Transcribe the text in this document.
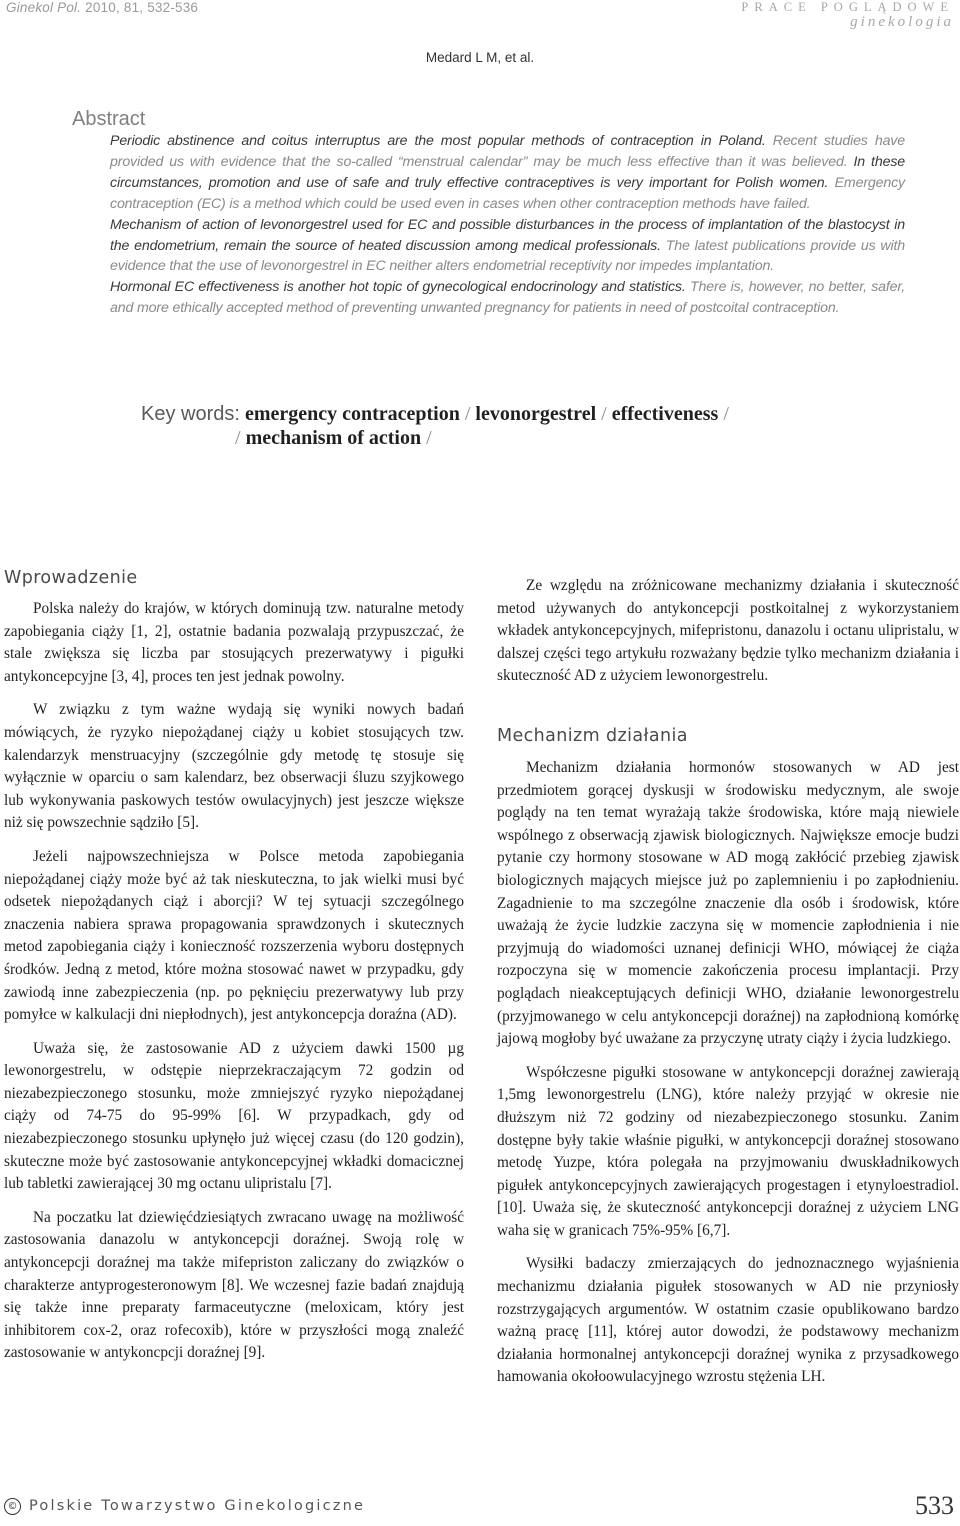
Ginekol Pol. 2010, 81, 532-536	PRACE POGLĄDOWE
ginekologia
Medard L M, et al.
Abstract

Periodic abstinence and coitus interruptus are the most popular methods of contraception in Poland. Recent studies have provided us with evidence that the so-called “menstrual calendar” may be much less effective than it was believed. In these circumstances, promotion and use of safe and truly effective contraceptives is very important for Polish women. Emergency contraception (EC) is a method which could be used even in cases when other contraception methods have failed.

Mechanism of action of levonorgestrel used for EC and possible disturbances in the process of implantation of the blastocyst in the endometrium, remain the source of heated discussion among medical professionals. The latest publications provide us with evidence that the use of levonorgestrel in EC neither alters endometrial receptivity nor impedes implantation.

Hormonal EC effectiveness is another hot topic of gynecological endocrinology and statistics. There is, however, no better, safer, and more ethically accepted method of preventing unwanted pregnancy for patients in need of postcoital contraception.

Key words: emergency contraception / levonorgestrel / effectiveness /
/ mechanism of action /
Wprowadzenie

Polska należy do krajów, w których dominują tzw. naturalne metody zapobiegania ciąży [1, 2], ostatnie badania pozwalają przypuszczać, że stale zwiększa się liczba par stosujących prezerwatywy i pigułki antykoncepcyjne [3, 4], proces ten jest jednak powolny.

W związku z tym ważne wydają się wyniki nowych badań mówiących, że ryzyko niepożądanej ciąży u kobiet stosujących tzw. kalendarzyk menstruacyjny (szczególnie gdy metodę tę stosuje się wyłącznie w oparciu o sam kalendarz, bez obserwacji śluzu szyjkowego lub wykonywania paskowych testów owulacyjnych) jest jeszcze większe niż się powszechnie sądziło [5].

Jeżeli najpowszechniejsza w Polsce metoda zapobiegania niepożądanej ciąży może być aż tak nieskuteczna, to jak wielki musi być odsetek niepożądanych ciąż i aborcji? W tej sytuacji szczególnego znaczenia nabiera sprawa propagowania sprawdzonych i skutecznych metod zapobiegania ciąży i konieczność rozszerzenia wyboru dostępnych środków. Jedną z metod, które można stosować nawet w przypadku, gdy zawiodą inne zabezpieczenia (np. po pęknięciu prezerwatywy lub przy pomyłce w kalkulacji dni niepłodnych), jest antykoncepcja doraźna (AD).

Uważa się, że zastosowanie AD z użyciem dawki 1500 µg lewonorgestrelu, w odstępie nieprzekraczającym 72 godzin od niezabezpieczonego stosunku, może zmniejszyć ryzyko niepożądanej ciąży od 74-75 do 95-99% [6]. W przypadkach, gdy od niezabezpieczonego stosunku upłynęło już więcej czasu (do 120 godzin), skuteczne może być zastosowanie antykoncepcyjnej wkładki domacicznej lub tabletki zawierającej 30 mg octanu ulipristalu [7].

Na poczatku lat dziewięćdziesiątych zwracano uwagę na możliwość zastosowania danazolu w antykoncepcji doraźnej. Swoją rolę w antykoncepcji doraźnej ma także mifepriston zaliczany do związków o charakterze antyprogesteronowym [8]. We wczesnej fazie badań znajdują się także inne preparaty farmaceutyczne (meloxicam, który jest inhibitorem cox-2, oraz rofecoxib), które w przyszłości mogą znaleźć zastosowanie w antykoncpcji doraźnej [9].

Ze względu na zróżnicowane mechanizmy działania i skuteczność metod używanych do antykoncepcji postkoitalnej z wykorzystaniem wkładek antykoncepcyjnych, mifepristonu, danazolu i octanu ulipristalu, w dalszej części tego artykułu rozważany będzie tylko mechanizm działania i skuteczność AD z użyciem lewonorgestrelu.

Mechanizm działania

Mechanizm działania hormonów stosowanych w AD jest przedmiotem gorącej dyskusji w środowisku medycznym, ale swoje poglądy na ten temat wyrażają także środowiska, które mają niewiele wspólnego z obserwacją zjawisk biologicznych. Największe emocje budzi pytanie czy hormony stosowane w AD mogą zakłócić przebieg zjawisk biologicznych mających miejsce już po zaplemnieniu i po zapłodnieniu. Zagadnienie to ma szczególne znaczenie dla osób i środowisk, które uważają że życie ludzkie zaczyna się w momencie zapłodnienia i nie przyjmują do wiadomości uznanej definicji WHO, mówiącej że ciąża rozpoczyna się w momencie zakończenia procesu implantacji. Przy poglądach nieakceptujących definicji WHO, działanie lewonorgestrelu (przyjmowanego w celu antykoncepcji doraźnej) na zapłodnioną komórkę jajową mogłoby być uważane za przyczynę utraty ciąży i życia ludzkiego.

Współczesne pigułki stosowane w antykoncepcji doraźnej zawierają 1,5mg lewonorgestrelu (LNG), które należy przyjąć w okresie nie dłuższym niż 72 godziny od niezabezpieczonego stosunku. Zanim dostępne były takie właśnie pigułki, w antykoncepcji doraźnej stosowano metodę Yuzpe, która polegała na przyjmowaniu dwuskładnikowych pigułek antykoncepcyjnych zawierających progestagen i etynyloestradiol. [10]. Uważa się, że skuteczność antykoncepcji doraźnej z użyciem LNG waha się w granicach 75%-95% [6,7].

Wysiłki badaczy zmierzających do jednoznacznego wyjaśnienia mechanizmu działania pigułek stosowanych w AD nie przyniosły rozstrzygających argumentów. W ostatnim czasie opublikowano bardzo ważną pracę [11], której autor dowodzi, że podstawowy mechanizm działania hormonalnej antykoncepcji doraźnej wynika z przysadkowego hamowania okołoowulacyjnego wzrostu stężenia LH.

© Polskie Towarzystwo Ginekologiczne	533
